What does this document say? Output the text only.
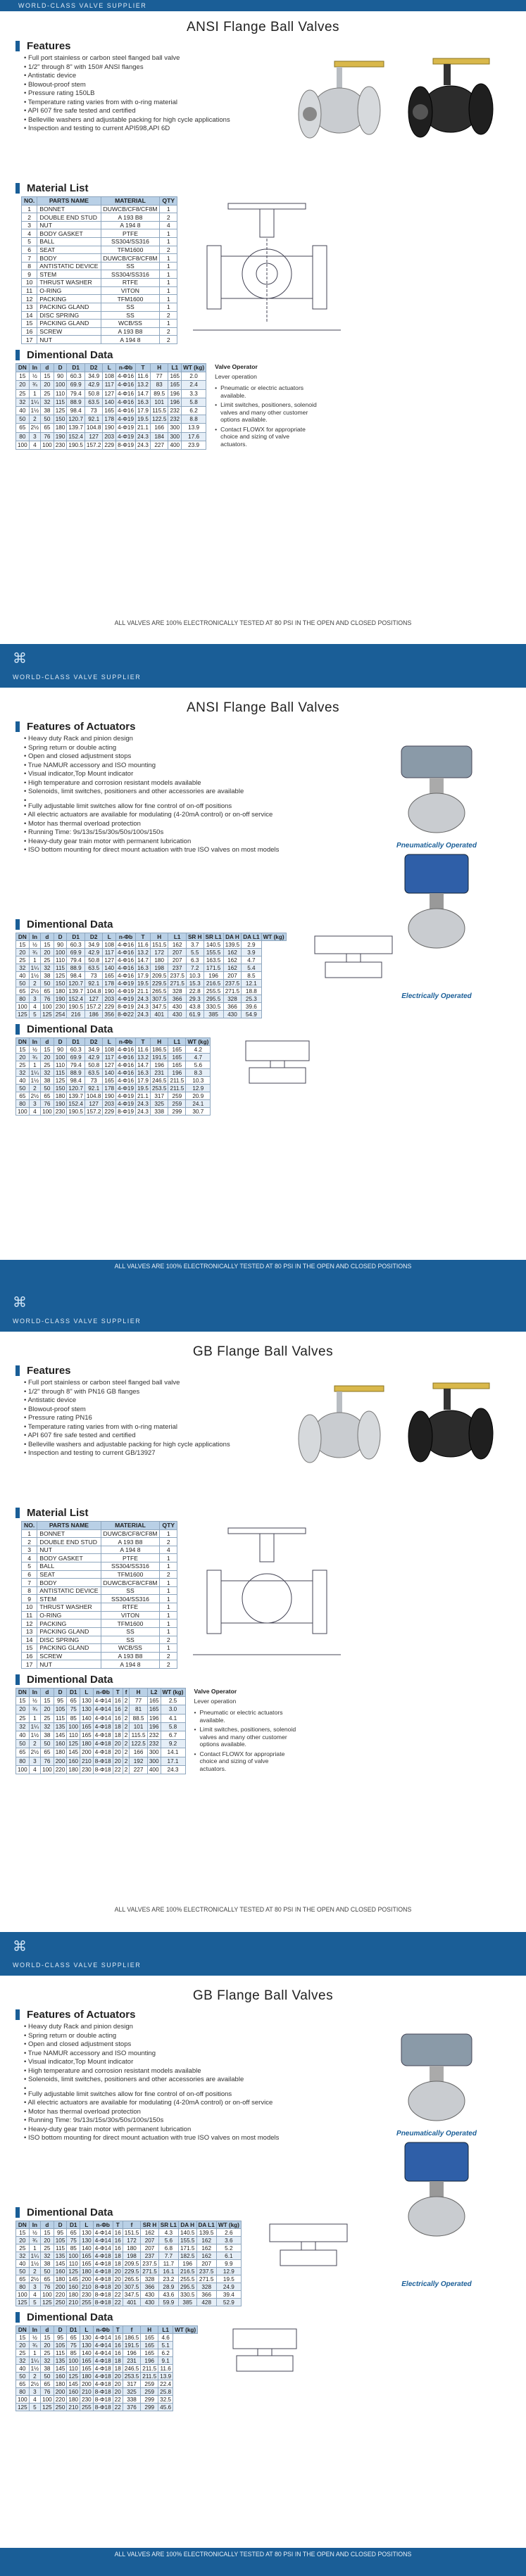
WORLD-CLASS VALVE SUPPLIER
ANSI Flange Ball Valves
Features
• Full port stainless or carbon steel flanged ball valve
• 1/2" through 8" with 150# ANSI flanges
• Antistatic device
• Blowout-proof stem
• Pressure rating 150LB
• Temperature rating varies from with o-ring material
• API 607 fire safe tested and certified
• Belleville washers and adjustable packing for high cycle applications
• Inspection and testing to current API598,API 6D
Material List
NO.	PARTS NAME	MATERIAL	QTY
1	BONNET	DUWCB/CF8/CF8M	1
2	DOUBLE END STUD	A 193 B8	2
3	NUT	A 194 8	4
4	BODY GASKET	PTFE	1
5	BALL	SS304/SS316	1
6	SEAT	TFM1600	2
7	BODY	DUWCB/CF8/CF8M	1
8	ANTISTATIC DEVICE	SS	1
9	STEM	SS304/SS316	1
10	THRUST WASHER	RTFE	1
11	O-RING	VITON	1
12	PACKING	TFM1600	1
13	PACKING GLAND	SS	1
14	DISC SPRING	SS	2
15	PACKING GLAND	WCB/SS	1
16	SCREW	A 193 B8	2
17	NUT	A 194 8	2
Dimentional Data
DN	In	d	D	D1	D2	L	n-Φb	T	H	L1	WT (kg)
15	½	15	90	60.3	34.9	108	4-Φ16	11.6	77	165	2.0
20	¾	20	100	69.9	42.9	117	4-Φ16	13.2	83	165	2.4
25	1	25	110	79.4	50.8	127	4-Φ16	14.7	89.5	196	3.3
32	1¼	32	115	88.9	63.5	140	4-Φ16	16.3	101	196	5.8
40	1½	38	125	98.4	73	165	4-Φ16	17.9	115.5	232	6.2
50	2	50	150	120.7	92.1	178	4-Φ19	19.5	122.5	232	8.8
65	2½	65	180	139.7	104.8	190	4-Φ19	21.1	166	300	13.9
80	3	76	190	152.4	127	203	4-Φ19	24.3	184	300	17.6
100	4	100	230	190.5	157.2	229	8-Φ19	24.3	227	400	23.9
Valve Operator
Lever operation
• Pneumatic or electric actuators available.
• Limit switches, positioners, solenoid valves and many other customer options available.
• Contact FLOWX for appropriate choice and sizing of valve actuators.
ALL VALVES ARE 100% ELECTRONICALLY TESTED AT 80 PSI IN THE OPEN AND CLOSED POSITIONS
⌘
WORLD-CLASS VALVE SUPPLIER
ANSI Flange Ball Valves
Features of Actuators
• Heavy duty Rack and pinion design
• Spring return or double acting
• Open and closed adjustment stops
• True NAMUR accessory and ISO mounting
• Visual indicator,Top Mount indicator
• High temperature and corrosion resistant models available
• Solenoids, limit switches, positioners and other accessories are available
•
• Fully adjustable limit switches allow for fine control of on-off positions
• All electric actuators are available for modulating (4-20mA control) or on-off service
• Motor has thermal overload protection
• Running Time: 9s/13s/15s/30s/50s/100s/150s
• Heavy-duty gear train motor with permanent lubrication
• ISO bottom mounting for direct mount actuation with true ISO valves on most models
Pneumatically Operated
Electrically Operated
Dimentional Data
DN	In	d	D	D1	D2	L	n-Φb	T	H	L1	SR H	SR L1	DA H	DA L1	WT (kg)
15	½	15	90	60.3	34.9	108	4-Φ16	11.6	151.5	162	3.7	140.5	139.5	2.9	
20	¾	20	100	69.9	42.9	117	4-Φ16	13.2	172	207	5.5	155.5	162	3.9	
25	1	25	110	79.4	50.8	127	4-Φ16	14.7	180	207	6.3	163.5	162	4.7	
32	1¼	32	115	88.9	63.5	140	4-Φ16	16.3	198	237	7.2	171.5	162	5.4	
40	1½	38	125	98.4	73	165	4-Φ16	17.9	209.5	237.5	10.3	196	207	8.5	
50	2	50	150	120.7	92.1	178	4-Φ19	19.5	229.5	271.5	15.3	216.5	237.5	12.1	
65	2½	65	180	139.7	104.8	190	4-Φ19	21.1	265.5	328	22.8	255.5	271.5	18.8	
80	3	76	190	152.4	127	203	4-Φ19	24.3	307.5	366	29.3	295.5	328	25.3	
100	4	100	230	190.5	157.2	229	8-Φ19	24.3	347.5	430	43.8	330.5	366	39.6	
125	5	125	254	216	186	356	8-Φ22	24.3	401	430	61.9	385	430	54.9	
Dimentional Data
DN	In	d	D	D1	D2	L	n-Φb	T	H	L1	WT (kg)
15	½	15	90	60.3	34.9	108	4-Φ16	11.6	186.5	165	4.2
20	¾	20	100	69.9	42.9	117	4-Φ16	13.2	191.5	165	4.7
25	1	25	110	79.4	50.8	127	4-Φ16	14.7	196	165	5.6
32	1¼	32	115	88.9	63.5	140	4-Φ16	16.3	231	196	8.3
40	1½	38	125	98.4	73	165	4-Φ16	17.9	246.5	211.5	10.3
50	2	50	150	120.7	92.1	178	4-Φ19	19.5	253.5	211.5	12.9
65	2½	65	180	139.7	104.8	190	4-Φ19	21.1	317	259	20.9
80	3	76	190	152.4	127	203	4-Φ19	24.3	325	259	24.1
100	4	100	230	190.5	157.2	229	8-Φ19	24.3	338	299	30.7
ALL VALVES ARE 100% ELECTRONICALLY TESTED AT 80 PSI IN THE OPEN AND CLOSED POSITIONS
⌘
WORLD-CLASS VALVE SUPPLIER
GB Flange Ball Valves
Features
• Full port stainless or carbon steel flanged ball valve
• 1/2" through 8" with PN16 GB flanges
• Antistatic device
• Blowout-proof stem
• Pressure rating PN16
• Temperature rating varies from with o-ring material
• API 607 fire safe tested and certified
• Belleville washers and adjustable packing for high cycle applications
• Inspection and testing to current GB/13927
Material List
NO.	PARTS NAME	MATERIAL	QTY
1	BONNET	DUWCB/CF8/CF8M	1
2	DOUBLE END STUD	A 193 B8	2
3	NUT	A 194 8	4
4	BODY GASKET	PTFE	1
5	BALL	SS304/SS316	1
6	SEAT	TFM1600	2
7	BODY	DUWCB/CF8/CF8M	1
8	ANTISTATIC DEVICE	SS	1
9	STEM	SS304/SS316	1
10	THRUST WASHER	RTFE	1
11	O-RING	VITON	1
12	PACKING	TFM1600	1
13	PACKING GLAND	SS	1
14	DISC SPRING	SS	2
15	PACKING GLAND	WCB/SS	1
16	SCREW	A 193 B8	2
17	NUT	A 194 8	2
Dimentional Data
DN	In	d	D	D1	L	n-Φb	T	f	H	L2	WT (kg)
15	½	15	95	65	130	4-Φ14	16	2	77	165	2.5
20	¾	20	105	75	130	4-Φ14	16	2	81	165	3.0
25	1	25	115	85	140	4-Φ14	16	2	88.5	196	4.1
32	1¼	32	135	100	165	4-Φ18	18	2	101	196	5.8
40	1½	38	145	110	165	4-Φ18	18	2	115.5	232	6.7
50	2	50	160	125	180	4-Φ18	20	2	122.5	232	9.2
65	2½	65	180	145	200	4-Φ18	20	2	166	300	14.1
80	3	76	200	160	210	8-Φ18	20	2	192	300	17.1
100	4	100	220	180	230	8-Φ18	22	2	227	400	24.3
Valve Operator
Lever operation
• Pneumatic or electric actuators available.
• Limit switches, positioners, solenoid valves and many other customer options available.
• Contact FLOWX for appropriate choice and sizing of valve actuators.
ALL VALVES ARE 100% ELECTRONICALLY TESTED AT 80 PSI IN THE OPEN AND CLOSED POSITIONS
⌘
WORLD-CLASS VALVE SUPPLIER
GB Flange Ball Valves
Features of Actuators
• Heavy duty Rack and pinion design
• Spring return or double acting
• Open and closed adjustment stops
• True NAMUR accessory and ISO mounting
• Visual indicator,Top Mount indicator
• High temperature and corrosion resistant models available
• Solenoids, limit switches, positioners and other accessories are available
•
• Fully adjustable limit switches allow for fine control of on-off positions
• All electric actuators are available for modulating (4-20mA control) or on-off service
• Motor has thermal overload protection
• Running Time: 9s/13s/15s/30s/50s/100s/150s
• Heavy-duty gear train motor with permanent lubrication
• ISO bottom mounting for direct mount actuation with true ISO valves on most models
Pneumatically Operated
Electrically Operated
Dimentional Data
DN	In	d	D	D1	L	n-Φb	T	f	SR H	SR L1	DA H	DA L1	WT (kg)
15	½	15	95	65	130	4-Φ14	16	151.5	162	4.3	140.5	139.5	2.6
20	¾	20	105	75	130	4-Φ14	16	172	207	5.6	155.5	162	3.6
25	1	25	115	85	140	4-Φ14	16	180	207	6.8	171.5	162	5.2
32	1¼	32	135	100	165	4-Φ18	18	198	237	7.7	182.5	162	6.1
40	1½	38	145	110	165	4-Φ18	18	209.5	237.5	11.7	196	207	9.9
50	2	50	160	125	180	4-Φ18	20	229.5	271.5	16.1	216.5	237.5	12.9
65	2½	65	180	145	200	4-Φ18	20	265.5	328	23.2	255.5	271.5	19.5
80	3	76	200	160	210	8-Φ18	20	307.5	366	28.9	295.5	328	24.9
100	4	100	220	180	230	8-Φ18	22	347.5	430	43.6	330.5	366	39.4
125	5	125	250	210	255	8-Φ18	22	401	430	59.9	385	428	52.9
Dimentional Data
DN	In	d	D	D1	L	n-Φb	T	f	H	L1	WT (kg)
15	½	15	95	65	130	4-Φ14	16	186.5	165	4.6	
20	¾	20	105	75	130	4-Φ14	16	191.5	165	5.1	
25	1	25	115	85	140	4-Φ14	16	196	165	6.2	
32	1¼	32	135	100	165	4-Φ18	18	231	196	9.1	
40	1½	38	145	110	165	4-Φ18	18	246.5	211.5	11.6	
50	2	50	160	125	180	4-Φ18	20	253.5	211.5	13.9	
65	2½	65	180	145	200	4-Φ18	20	317	259	22.4	
80	3	76	200	160	210	8-Φ18	20	325	259	25.8	
100	4	100	220	180	230	8-Φ18	22	338	299	32.5	
125	5	125	250	210	255	8-Φ18	22	376	299	45.6	
ALL VALVES ARE 100% ELECTRONICALLY TESTED AT 80 PSI IN THE OPEN AND CLOSED POSITIONS
